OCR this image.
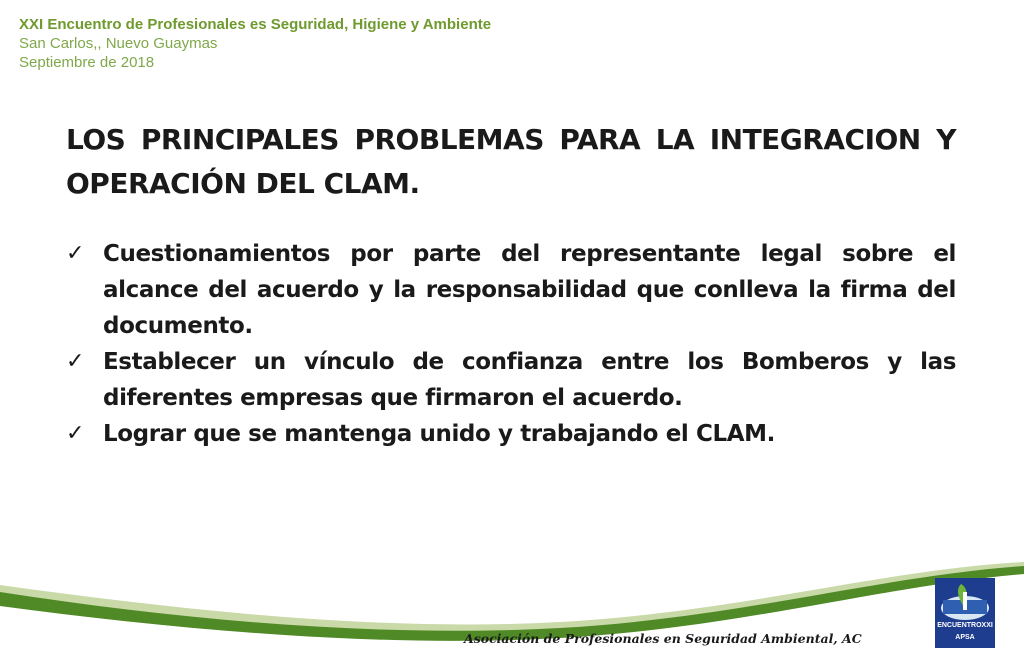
XXI Encuentro de Profesionales es Seguridad, Higiene y Ambiente
San Carlos,, Nuevo Guaymas
Septiembre de 2018
LOS PRINCIPALES PROBLEMAS PARA LA INTEGRACION Y OPERACIÓN DEL CLAM.
✓ Cuestionamientos por parte del representante legal sobre el alcance del acuerdo y la responsabilidad que conlleva la firma del documento.
✓ Establecer un vínculo de confianza entre los Bomberos y las diferentes empresas que firmaron el acuerdo.
✓ Lograr que se mantenga unido y trabajando el CLAM.
Asociación de Profesionales en Seguridad Ambiental, AC
ENCUENTROXXI
APSA
